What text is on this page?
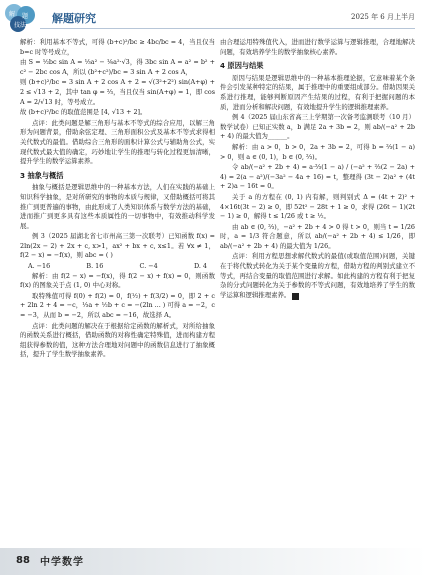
解 题
技法
解题研究	2025 年 6 月上半月

解析：利用基本不等式，可得 (b+c)²/bc ≥ 4bc/bc = 4，当且仅当 b=c 时等号成立，

由 S = ½bc sin A = ⅓a² − ⅙a²·√3，得 3bc sin A = a² = b² + c² − 2bc cos A，所以 (b²+c²)/bc = 3 sin A + 2 cos A，

则 (b+c)²/bc = 3 sin A + 2 cos A + 2 = √(3²+2²) sin(A+φ) + 2 ≤ √13 + 2，其中 tan φ = ⅔，当且仅当 sin(A+φ) = 1，即 cos A = 2/√13 时，等号成立。

故 (b+c)²/bc 的取值范围是 [4, √13 + 2]。

点评：此类问题是解三角形与基本不等式的综合应用，以解三角形为问题背景，借助余弦定理、三角形面积公式及基本不等式求得相关代数式的最值。借助综合三角形的面积计算公式与辅助角公式，实现代数式最大值的确定，巧妙地让学生的推理与转化过程更加清晰，提升学生的数学运算素养。

3 抽象与概括

抽象与概括是逻辑思维中的一种基本方法，人们在实践的基础上知识科学抽象，是对所研究的事物的本质与规律，又借助概括可将其推广到更普遍的事物，由此形成了人类知识体系与数学方法的基础，进而推广到更多具有这些本质属性的一切事物中，有效推动科学发展。

例 3（2025 届湖北省七市州高三第一次联考）已知函数 f(x) = 2ln(2x − 2) + 2x + c, x>1，ax² + bx + c, x≤1。若 ∀x ≠ 1，f(2 − x) = −f(x)，则 abc = ( )

A. −16	B. 16	C. −4	D. 4

解析：由 f(2 − x) = −f(x)，得 f(2 − x) + f(x) = 0，则函数 f(x) 的图象关于点 (1, 0) 中心对称。

取特殊值可得 f(0) + f(2) = 0，f(½) + f(3/2) = 0，即 2 + c + 2ln 2 + 4 = −c，⅓a + ½b + c = −(2ln ... ) 可得 a = −2，c = −3，从而 b = −2，所以 abc = −16，故选择 A。

点评：此类问题的解决在于根据给定函数的解析式，对所给抽象的函数关系进行概括，借助函数的对称性确定特殊值，进而构建方程组获得参数的值，这种方法合理地对问题中的函数信息进行了抽象概括，提升了学生数学抽象素养。

由合理运用特殊值代入，进而进行数学运算与逻辑推理，合理地解决问题，有效培养学生的数学抽象核心素养。

4 原因与结果

原因与结果是逻辑思维中的一种基本推理论据，它意味着某个条件会引发某种特定的结果，属于推理中的重要组成部分。借助因果关系进行推理，能够判断原因产生结果的过程，有利于把握问题的本质，进而分析和解决问题，有效地提升学生的逻辑推理素养。

例 4（2025 届山东省高三上学期第一次备考监测联考（10 月）数学试卷）已知正实数 a，b 满足 2a + 3b = 2，则 ab/(−a² + 2b + 4) 的最大值为______。

解析：由 a > 0，b > 0，2a + 3b = 2，可得 b = ⅔(1 − a) > 0，则 a ∈ (0, 1)，b ∈ (0, ⅔)。

令 ab/(−a² + 2b + 4) = a·⅔(1 − a) / (−a² + ⅔(2 − 2a) + 4) = 2(a − a²)/(−3a² − 4a + 16) = t，整理得 (3t − 2)a² + (4t + 2)a − 16t = 0。

关于 a 的方程在 (0, 1) 内有解，则判别式 Δ = (4t + 2)² + 4×16t(3t − 2) ≥ 0，即 52t² − 28t + 1 ≥ 0，求得 (26t − 1)(2t − 1) ≥ 0，解得 t ≤ 1/26 或 t ≥ ½。

由 ab ∈ (0, ⅔)，−a² + 2b + 4 > 0 得 t > 0，则当 t = 1/26 时，a = 1/3 符合题意，所以 ab/(−a² + 2b + 4) ≤ 1/26，即 ab/(−a² + 2b + 4) 的最大值为 1/26。

点评：利用方程思想求解代数式的最值(或取值范围)问题，关键在于将代数式转化为关于某个变量的方程，借助方程的判别式建立不等式，再结合变量的取值范围进行求解。如此构建的方程有利于把复杂的分式问题转化为关于参数的不等式问题，有效地培养了学生的数学运算和逻辑推理素养。	Z

88 中学数学
